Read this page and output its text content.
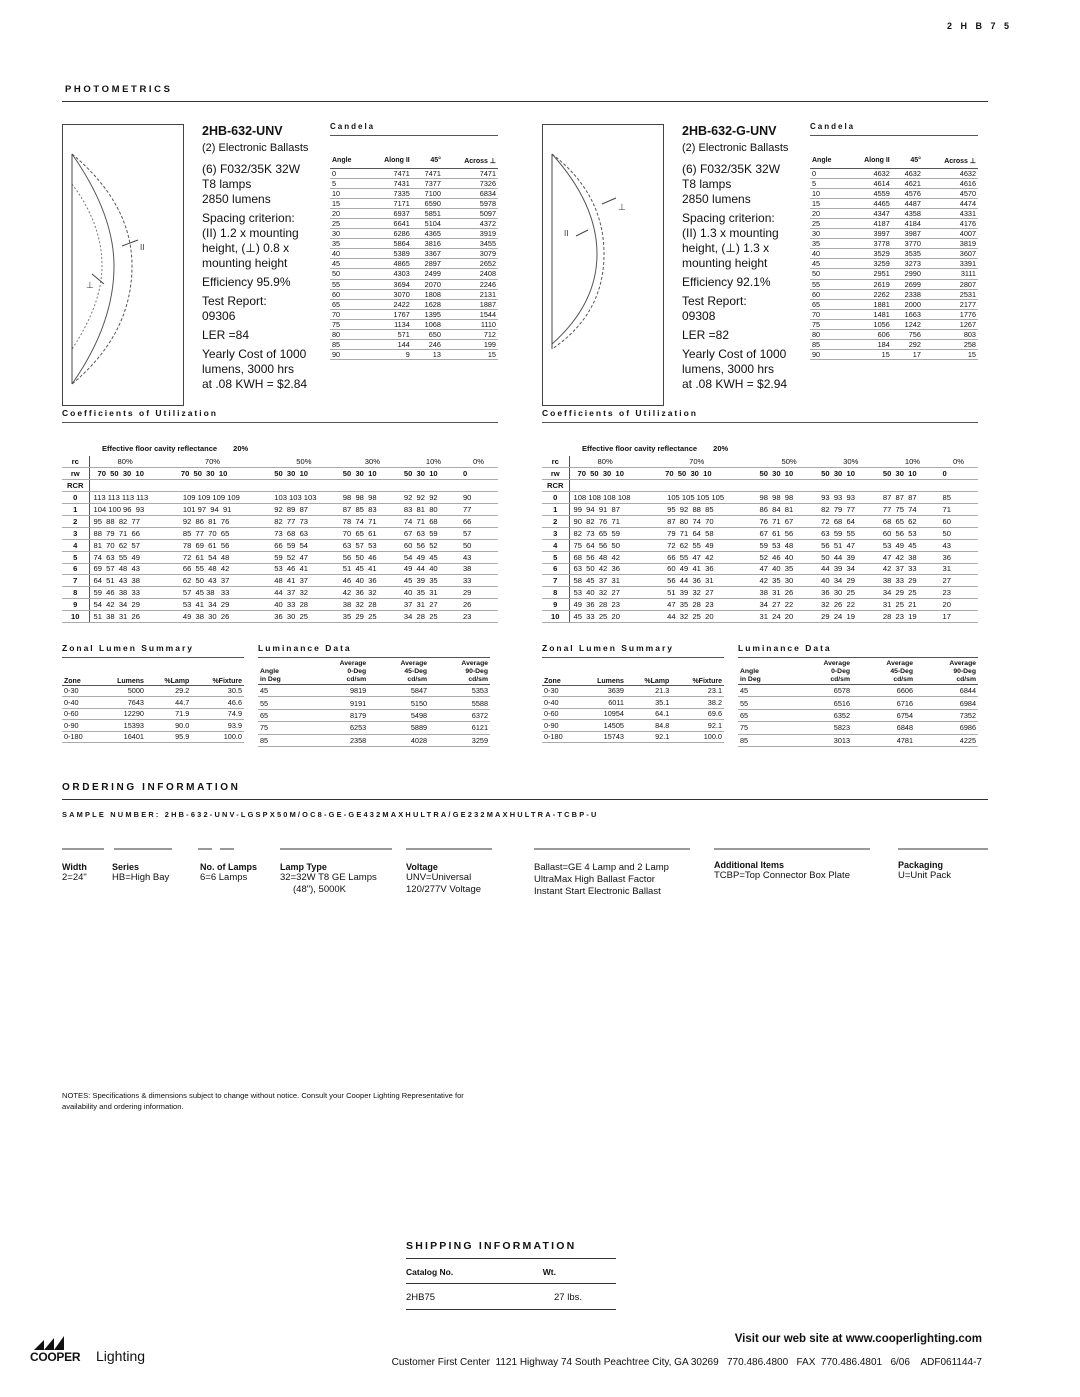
2 H B 7 5
PHOTOMETRICS
II
⊥
2HB-632-UNV
(2) Electronic Ballasts
(6) F032/35K 32W
T8 lamps
2850 lumens
Spacing criterion:
(II) 1.2 x mounting
height, (⊥) 0.8 x
mounting height
Efficiency 95.9%
Test Report:
09306
LER =84
Yearly Cost of 1000
lumens, 3000 hrs
at .08 KWH = $2.84
Candela
Angle	Along II	45°	Across ⊥
0	7471	7471	7471
5	7431	7377	7326
10	7335	7100	6834
15	7171	6590	5978
20	6937	5851	5097
25	6641	5104	4372
30	6286	4365	3919
35	5864	3816	3455
40	5389	3367	3079
45	4865	2897	2652
50	4303	2499	2408
55	3694	2070	2246
60	3070	1808	2131
65	2422	1628	1887
70	1767	1395	1544
75	1134	1068	1110
80	571	650	712
85	144	246	199
90	9	13	15
⊥
II
2HB-632-G-UNV
(2) Electronic Ballasts
(6) F032/35K 32W
T8 lamps
2850 lumens
Spacing criterion:
(II) 1.3 x mounting
height, (⊥) 1.3 x
mounting height
Efficiency 92.1%
Test Report:
09308
LER =82
Yearly Cost of 1000
lumens, 3000 hrs
at .08 KWH = $2.94
Candela
Angle	Along II	45°	Across ⊥
0	4632	4632	4632
5	4614	4621	4616
10	4559	4576	4570
15	4465	4487	4474
20	4347	4358	4331
25	4187	4184	4176
30	3997	3987	4007
35	3778	3770	3819
40	3529	3535	3607
45	3259	3273	3391
50	2951	2990	3111
55	2619	2699	2807
60	2262	2338	2531
65	1881	2000	2177
70	1481	1663	1776
75	1056	1242	1267
80	606	756	803
85	184	292	258
90	15	17	15
Coefficients of Utilization
Effective floor cavity reflectance 20%
rc	80%	70%	50%	30%	10%	0%
rw	70  50  30  10	70  50  30  10	50  30  10	50  30  10	50  30  10	0
RCR						
0	113 113 113 113	109 109 109 109	103 103 103	98  98  98	92  92  92	90
1	104 100 96  93	101 97  94  91	92  89  87	87  85  83	83  81  80	77
2	95  88  82  77	92  86  81  76	82  77  73	78  74  71	74  71  68	66
3	88  79  71  66	85  77  70  65	73  68  63	70  65  61	67  63  59	57
4	81  70  62  57	78  69  61  56	66  59  54	63  57  53	60  56  52	50
5	74  63  55  49	72  61  54  48	59  52  47	56  50  46	54  49  45	43
6	69  57  48  43	66  55  48  42	53  46  41	51  45  41	49  44  40	38
7	64  51  43  38	62  50  43  37	48  41  37	46  40  36	45  39  35	33
8	59  46  38  33	57  45 38   33	44  37  32	42  36  32	40  35  31	29
9	54  42  34  29	53  41  34  29	40  33  28	38  32  28	37  31  27	26
10	51  38  31  26	49  38  30  26	36  30  25	35  29  25	34  28  25	23
Coefficients of Utilization
Effective floor cavity reflectance 20%
rc	80%	70%	50%	30%	10%	0%
rw	70  50  30  10	70  50  30  10	50  30  10	50  30  10	50  30  10	0
RCR						
0	108 108 108 108	105 105 105 105	98  98  98	93  93  93	87  87  87	85
1	99  94  91  87	95  92  88  85	86  84  81	82  79  77	77  75  74	71
2	90  82  76  71	87  80  74  70	76  71  67	72  68  64	68  65  62	60
3	82  73  65  59	79  71  64  58	67  61  56	63  59  55	60  56  53	50
4	75  64  56  50	72  62  55  49	59  53  48	56  51  47	53  49  45	43
5	68  56  48  42	66  55  47  42	52  46  40	50  44  39	47  42  38	36
6	63  50  42  36	60  49  41  36	47  40  35	44  39  34	42  37  33	31
7	58  45  37  31	56  44  36  31	42  35  30	40  34  29	38  33  29	27
8	53  40  32  27	51  39  32  27	38  31  26	36  30  25	34  29  25	23
9	49  36  28  23	47  35  28  23	34  27  22	32  26  22	31  25  21	20
10	45  33  25  20	44  32  25  20	31  24  20	29  24  19	28  23  19	17
Zonal Lumen Summary
Zone	Lumens	%Lamp	%Fixture
0-30	5000	29.2	30.5
0-40	7643	44.7	46.6
0-60	12290	71.9	74.9
0-90	15393	90.0	93.9
0-180	16401	95.9	100.0
Luminance Data
Angle
in Deg	Average
0-Deg
cd/sm	Average
45-Deg
cd/sm	Average
90-Deg
cd/sm
45	9819	5847	5353
55	9191	5150	5588
65	8179	5498	6372
75	6253	5889	6121
85	2358	4028	3259
Zonal Lumen Summary
Zone	Lumens	%Lamp	%Fixture
0-30	3639	21.3	23.1
0-40	6011	35.1	38.2
0-60	10954	64.1	69.6
0-90	14505	84.8	92.1
0-180	15743	92.1	100.0
Luminance Data
Angle
in Deg	Average
0-Deg
cd/sm	Average
45-Deg
cd/sm	Average
90-Deg
cd/sm
45	6578	6606	6844
55	6516	6716	6984
65	6352	6754	7352
75	5823	6848	6986
85	3013	4781	4225
ORDERING INFORMATION
SAMPLE NUMBER: 2HB-632-UNV-LGSPX50M/OC8-GE-GE432MAXHULTRA/GE232MAXHULTRA-TCBP-U
Width
2=24"
Series
HB=High Bay
No. of Lamps
6=6 Lamps
Lamp Type
32=32W T8 GE Lamps
(48"), 5000K
Voltage
UNV=Universal
120/277V Voltage
Ballast=GE 4 Lamp and 2 Lamp
UltraMax High Ballast Factor
Instant Start Electronic Ballast
Additional Items
TCBP=Top Connector Box Plate
Packaging
U=Unit Pack
NOTES: Specifications & dimensions subject to change without notice. Consult your Cooper Lighting Representative for availability and ordering information.
SHIPPING INFORMATION
Catalog No.	Wt.
2HB75	27 lbs.
Visit our web site at www.cooperlighting.com
COOPER Lighting	Customer First Center  1121 Highway 74 South Peachtree City, GA 30269   770.486.4800   FAX  770.486.4801   6/06    ADF061144-7
